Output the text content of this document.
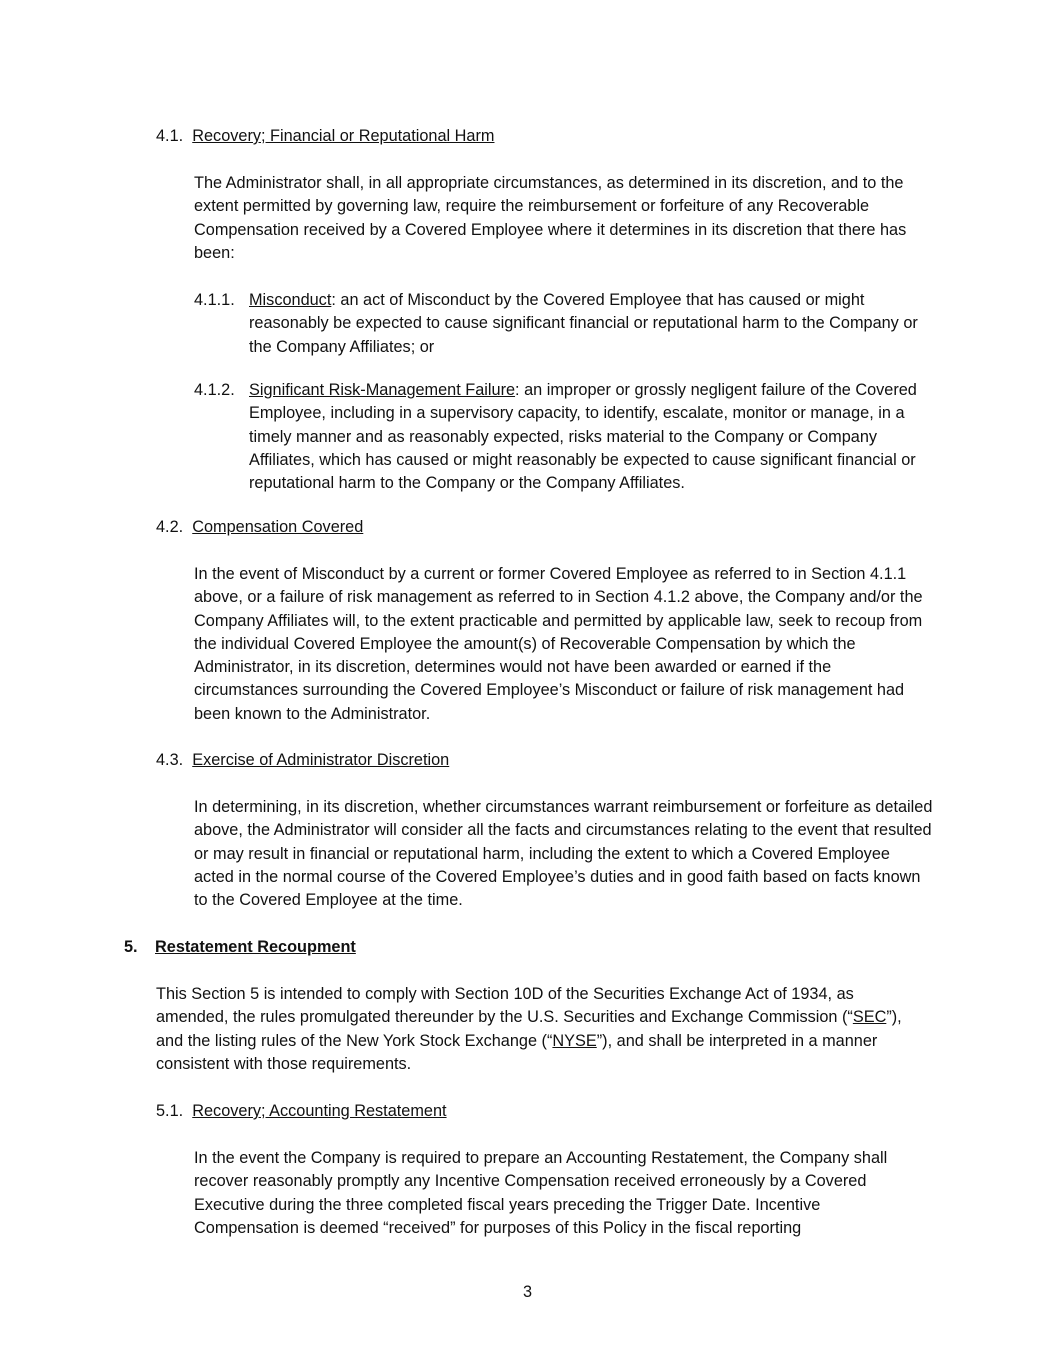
4.1. Recovery; Financial or Reputational Harm

The Administrator shall, in all appropriate circumstances, as determined in its discretion, and to the extent permitted by governing law, require the reimbursement or forfeiture of any Recoverable Compensation received by a Covered Employee where it determines in its discretion that there has been:

4.1.1. Misconduct: an act of Misconduct by the Covered Employee that has caused or might reasonably be expected to cause significant financial or reputational harm to the Company or the Company Affiliates; or

4.1.2. Significant Risk-Management Failure: an improper or grossly negligent failure of the Covered Employee, including in a supervisory capacity, to identify, escalate, monitor or manage, in a timely manner and as reasonably expected, risks material to the Company or Company Affiliates, which has caused or might reasonably be expected to cause significant financial or reputational harm to the Company or the Company Affiliates.

4.2. Compensation Covered

In the event of Misconduct by a current or former Covered Employee as referred to in Section 4.1.1 above, or a failure of risk management as referred to in Section 4.1.2 above, the Company and/or the Company Affiliates will, to the extent practicable and permitted by applicable law, seek to recoup from the individual Covered Employee the amount(s) of Recoverable Compensation by which the Administrator, in its discretion, determines would not have been awarded or earned if the circumstances surrounding the Covered Employee’s Misconduct or failure of risk management had been known to the Administrator.

4.3. Exercise of Administrator Discretion

In determining, in its discretion, whether circumstances warrant reimbursement or forfeiture as detailed above, the Administrator will consider all the facts and circumstances relating to the event that resulted or may result in financial or reputational harm, including the extent to which a Covered Employee acted in the normal course of the Covered Employee’s duties and in good faith based on facts known to the Covered Employee at the time.

5. Restatement Recoupment

This Section 5 is intended to comply with Section 10D of the Securities Exchange Act of 1934, as amended, the rules promulgated thereunder by the U.S. Securities and Exchange Commission (“SEC”), and the listing rules of the New York Stock Exchange (“NYSE”), and shall be interpreted in a manner consistent with those requirements.

5.1. Recovery; Accounting Restatement

In the event the Company is required to prepare an Accounting Restatement, the Company shall recover reasonably promptly any Incentive Compensation received erroneously by a Covered Executive during the three completed fiscal years preceding the Trigger Date. Incentive Compensation is deemed “received” for purposes of this Policy in the fiscal reporting

3
